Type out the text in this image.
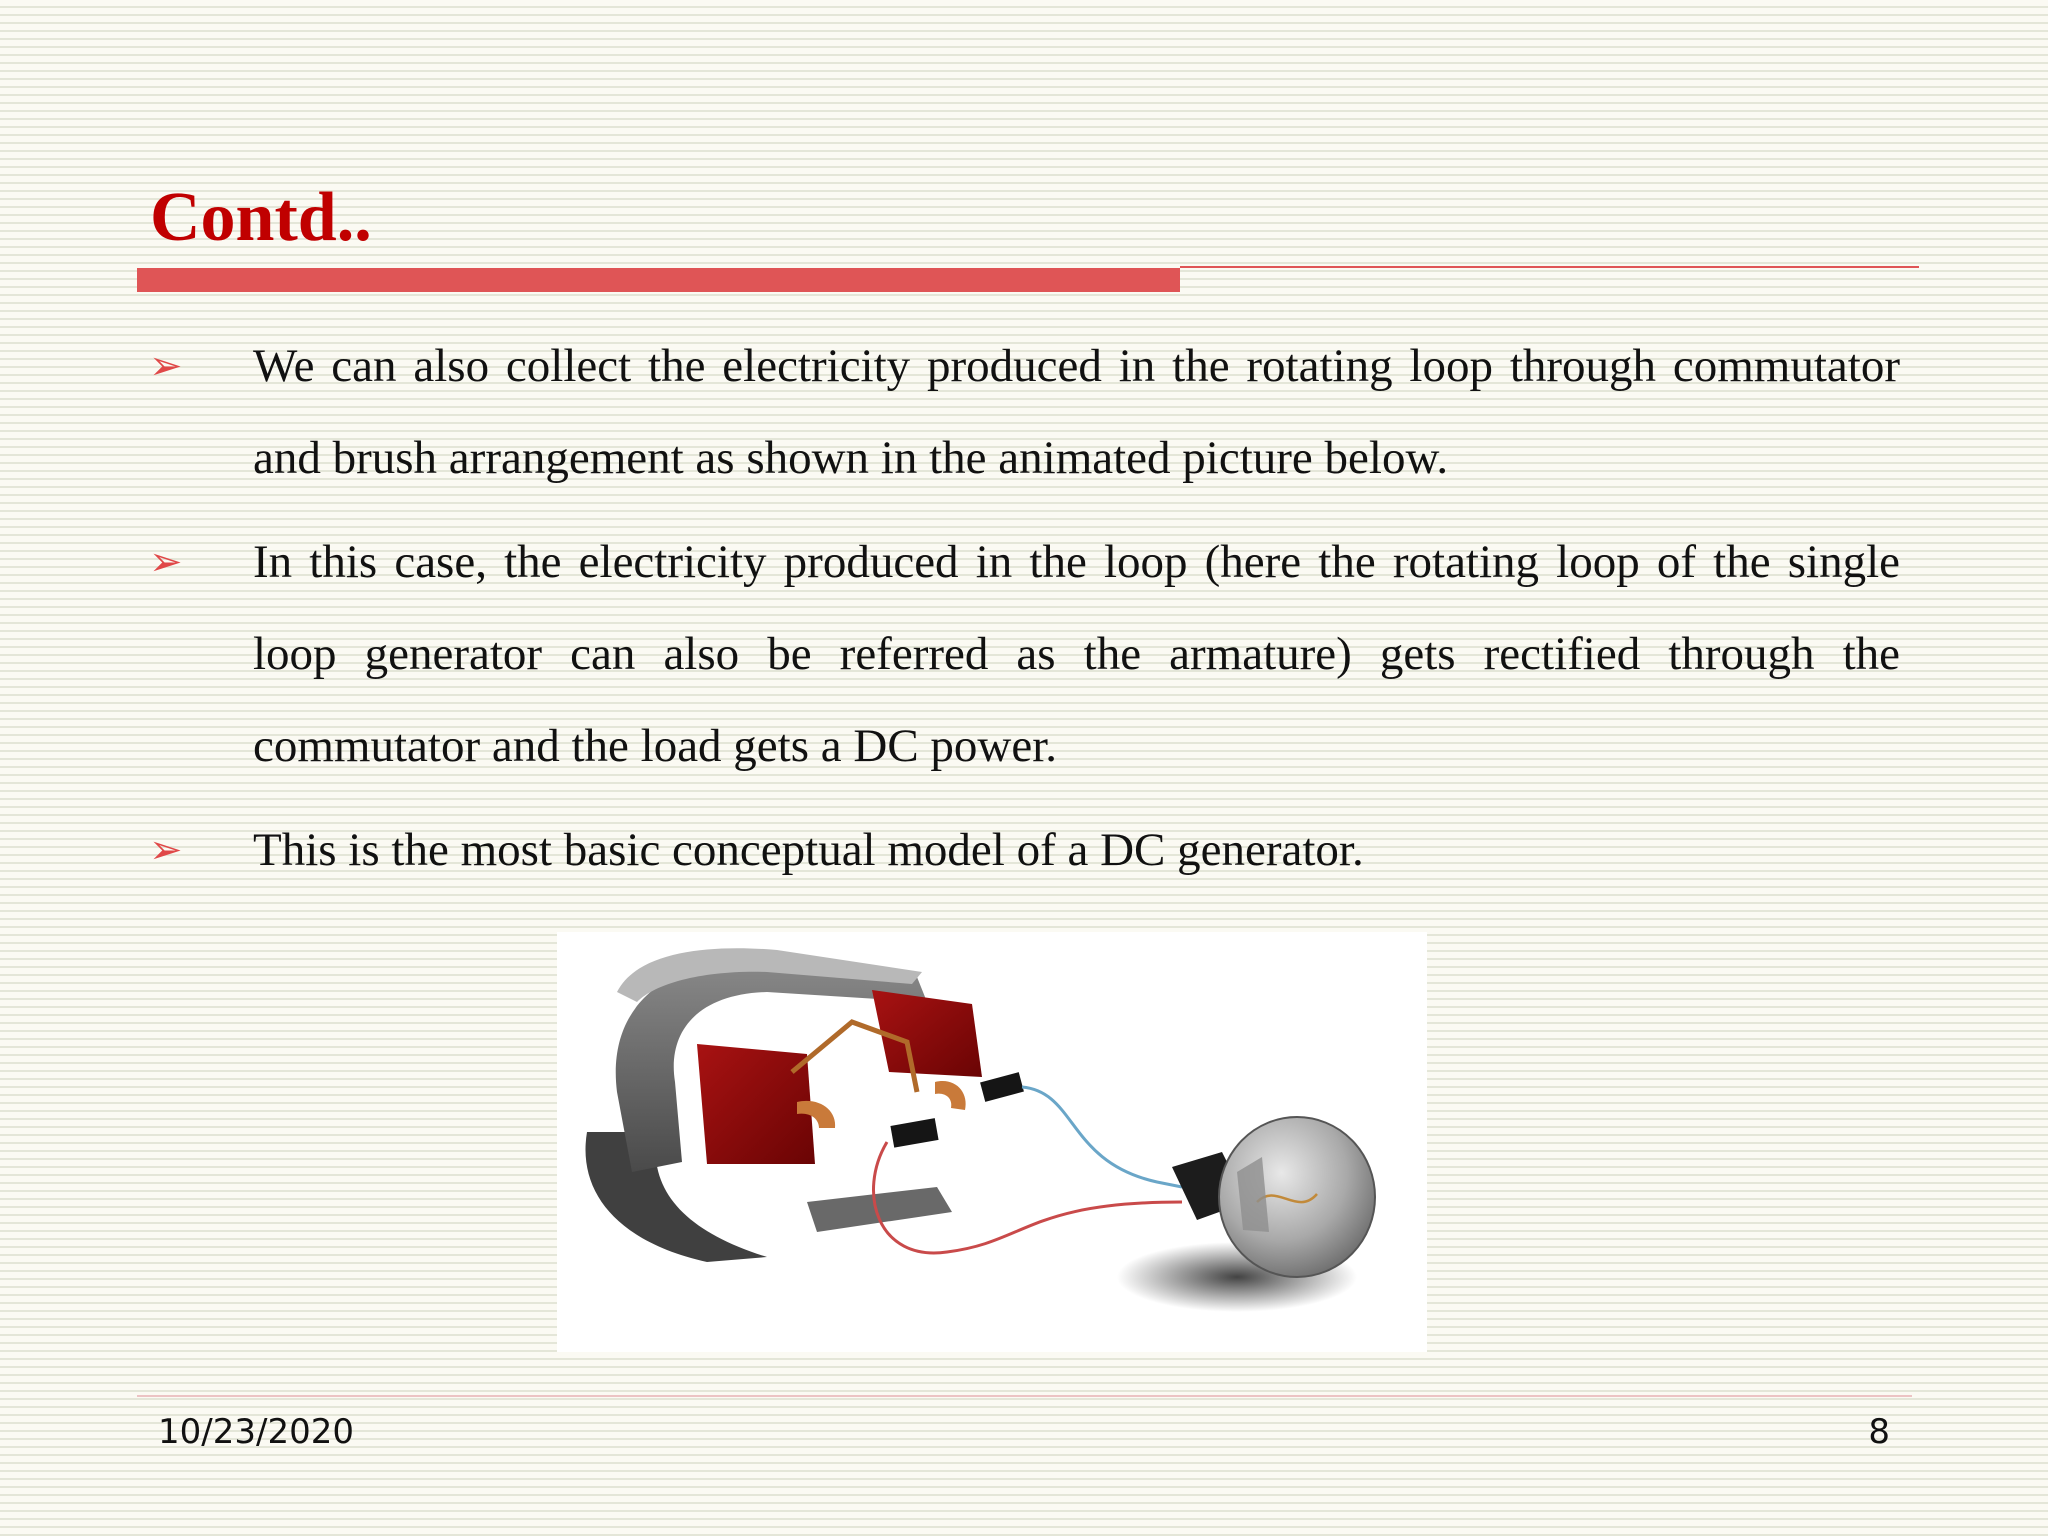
Contd..
➢	We can also collect the electricity produced in the rotating loop through commutator and brush arrangement as shown in the animated picture below.
➢	In this case, the electricity produced in the loop (here the rotating loop of the single loop generator can also be referred as the armature) gets rectified through the commutator and the load gets a DC power.
➢	This is the most basic conceptual model of a DC generator.
10/23/2020	8
